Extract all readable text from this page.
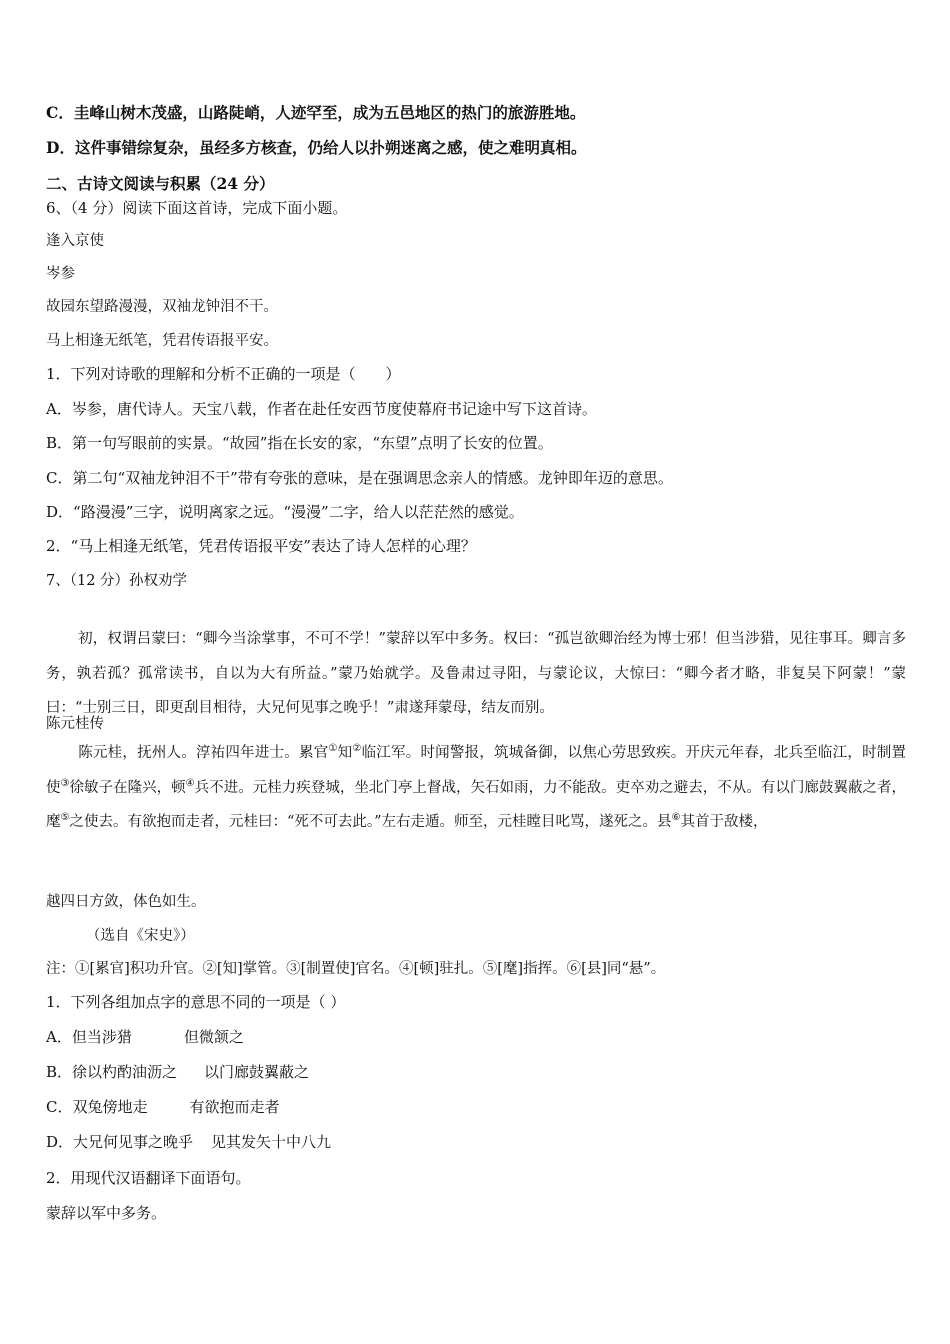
C．圭峰山树木茂盛，山路陡峭，人迹罕至，成为五邑地区的热门的旅游胜地。
D．这件事错综复杂，虽经多方核查，仍给人以扑朔迷离之感，使之难明真相。
二、古诗文阅读与积累（24 分）
6、（4 分）阅读下面这首诗，完成下面小题。
逢入京使
岑参
故园东望路漫漫，双袖龙钟泪不干。
马上相逢无纸笔，凭君传语报平安。
1．下列对诗歌的理解和分析不正确的一项是（　　）
A．岑参，唐代诗人。天宝八载，作者在赴任安西节度使幕府书记途中写下这首诗。
B．第一句写眼前的实景。“故园”指在长安的家，“东望”点明了长安的位置。
C．第二句“双袖龙钟泪不干”带有夸张的意味，是在强调思念亲人的情感。龙钟即年迈的意思。
D．“路漫漫”三字，说明离家之远。“漫漫”二字，给人以茫茫然的感觉。
2．“马上相逢无纸笔，凭君传语报平安”表达了诗人怎样的心理？
7、（12 分）孙权劝学
初，权谓吕蒙曰：“卿今当涂掌事，不可不学！”蒙辞以军中多务。权曰：“孤岂欲卿治经为博士邪！但当涉猎，见往事耳。卿言多务，孰若孤？孤常读书，自以为大有所益。”蒙乃始就学。及鲁肃过寻阳，与蒙论议，大惊曰：“卿今者才略，非复吴下阿蒙！”蒙曰：“士别三日，即更刮目相待，大兄何见事之晚乎！”肃遂拜蒙母，结友而别。
陈元桂传
陈元桂，抚州人。淳祐四年进士。累官①知②临江军。时闻警报，筑城备御，以焦心劳思致疾。开庆元年春，北兵至临江，时制置使③徐敏子在隆兴，顿④兵不进。元桂力疾登城，坐北门亭上督战，矢石如雨，力不能敌。吏卒劝之避去，不从。有以门廊鼓翼蔽之者，麾⑤之使去。有欲抱而走者，元桂曰：“死不可去此。”左右走遁。师至，元桂瞠目叱骂，遂死之。县⑥其首于敌楼，
越四日方敛，体色如生。
（选自《宋史》）
注：①[累官]积功升官。②[知]掌管。③[制置使]官名。④[顿]驻扎。⑤[麾]指挥。⑥[县]同“悬”。
1．下列各组加点字的意思不同的一项是（ ）
A．但当涉猎	但微颔之
B．徐以杓酌油沥之 以门廊鼓翼蔽之
C．双兔傍地走	有欲抱而走者
D．大兄何见事之晚乎 见其发矢十中八九
2．用现代汉语翻译下面语句。
蒙辞以军中多务。
